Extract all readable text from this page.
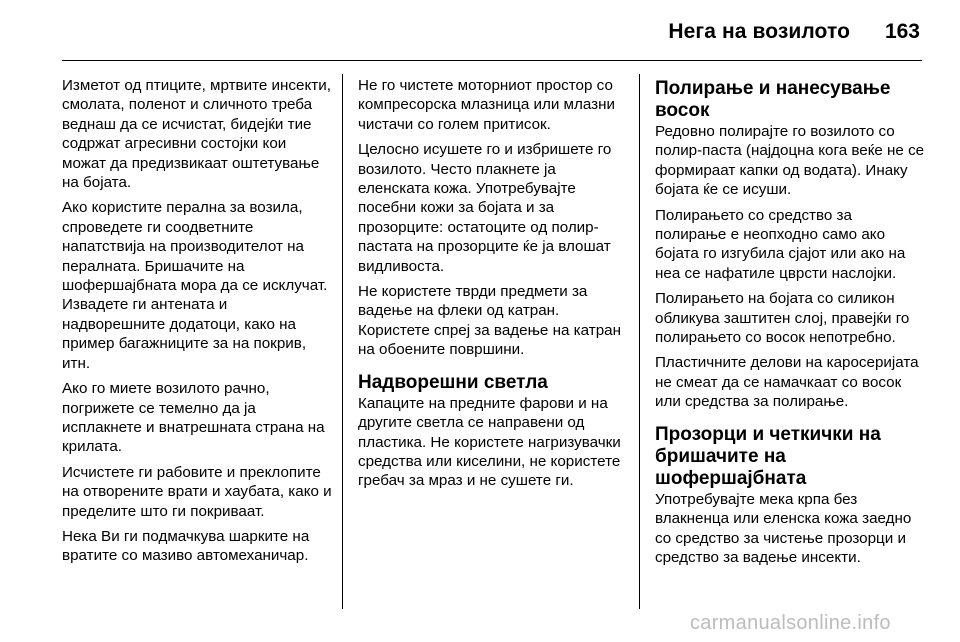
Нега на возилото 163

Изметот од птиците, мртвите инсекти, смолата, поленот и сличното треба веднаш да се исчистат, бидејќи тие содржат агресивни состојки кои можат да предизвикаат оштетување на бојата.

Ако користите перална за возила, спроведете ги соодветните напатствија на производителот на пералната. Бришачите на шофершајбната мора да се исклучат. Извадете ги антената и надворешните додатоци, како на пример багажниците за на покрив, итн.

Ако го миете возилото рачно, погрижете се темелно да ја исплакнете и внатрешната страна на крилата.

Исчистете ги рабовите и преклопите на отворените врати и хаубата, како и пределите што ги покриваат.

Нека Ви ги подмачкува шарките на вратите со мазиво автомеханичар.

Не го чистете моторниот простор со компресорска млазница или млазни чистачи со голем притисок.

Целосно исушете го и избришете го возилото. Често плакнете ја еленската кожа. Употребувајте посебни кожи за бојата и за прозорците: остатоците од полир-пастата на прозорците ќе ја влошат видливоста.

Не користете тврди предмети за вадење на флеки од катран. Користете спреј за вадење на катран на обоените површини.

Надворешни светла

Капаците на предните фарови и на другите светла се направени од пластика. Не користете нагризувачки средства или киселини, не користете гребач за мраз и не сушете ги.

Полирање и нанесување восок

Редовно полирајте го возилото со полир-паста (најдоцна кога веќе не се формираат капки од водата). Инаку бојата ќе се исуши.

Полирањето со средство за полирање е неопходно само ако бојата го изгубила сјајот или ако на неа се нафатиле цврсти наслојки.

Полирањето на бојата со силикон обликува заштитен слој, правејќи го полирањето со восок непотребно.

Пластичните делови на каросеријата не смеат да се намачкаат со восок или средства за полирање.

Прозорци и четкички на бришачите на шофершајбната

Употребувајте мека крпа без влакненца или еленска кожа заедно со средство за чистење прозорци и средство за вадење инсекти.

carmanualsonline.info
